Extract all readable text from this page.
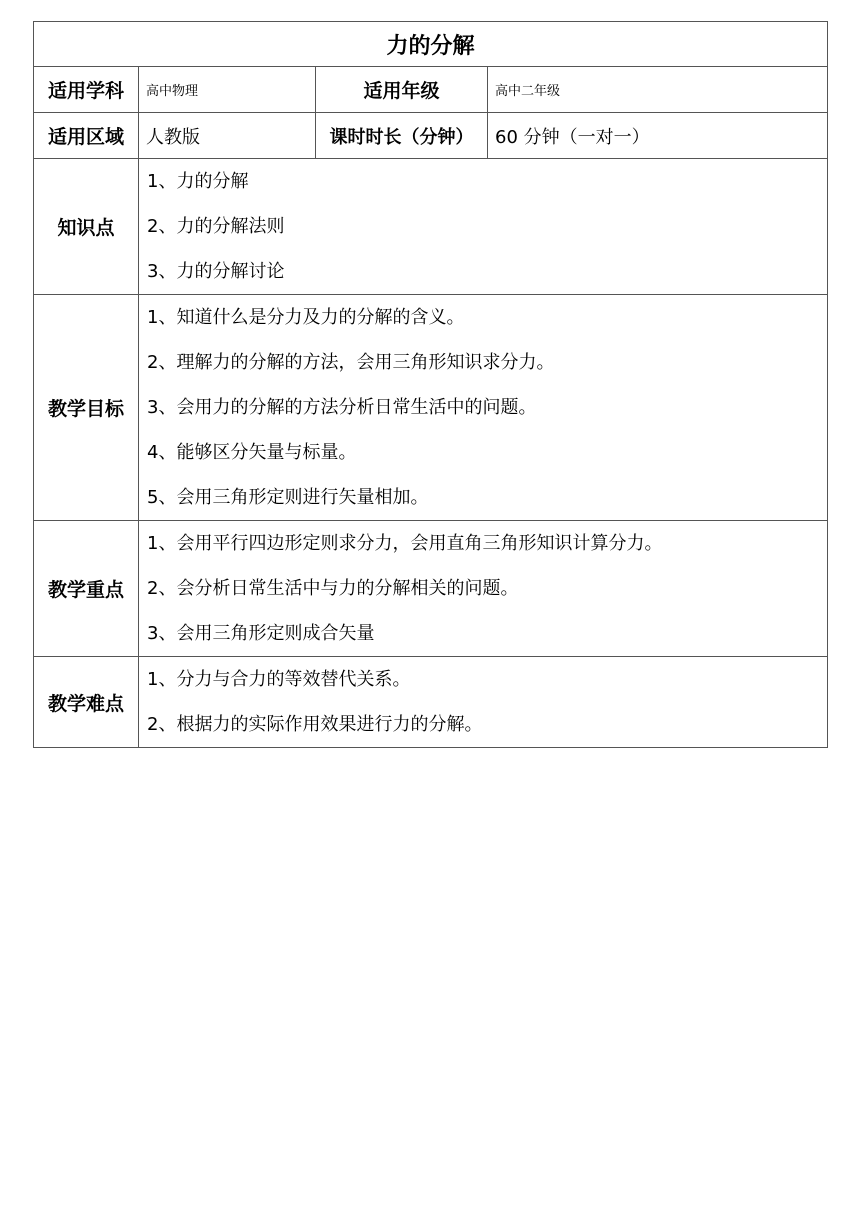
力的分解			
适用学科	高中物理	适用年级	高中二年级
适用区域	人教版	课时时长（分钟）	60 分钟（一对一）
知识点	1、力的分解
2、力的分解法则
3、力的分解讨论		

教学目标	1、知道什么是分力及力的分解的含义。
2、理解力的分解的方法，会用三角形知识求分力。
3、会用力的分解的方法分析日常生活中的问题。
4、能够区分矢量与标量。
5、会用三角形定则进行矢量相加。		

教学重点	1、会用平行四边形定则求分力，会用直角三角形知识计算分力。
2、会分析日常生活中与力的分解相关的问题。
3、会用三角形定则成合矢量		

教学难点	1、分力与合力的等效替代关系。
2、根据力的实际作用效果进行力的分解。		
